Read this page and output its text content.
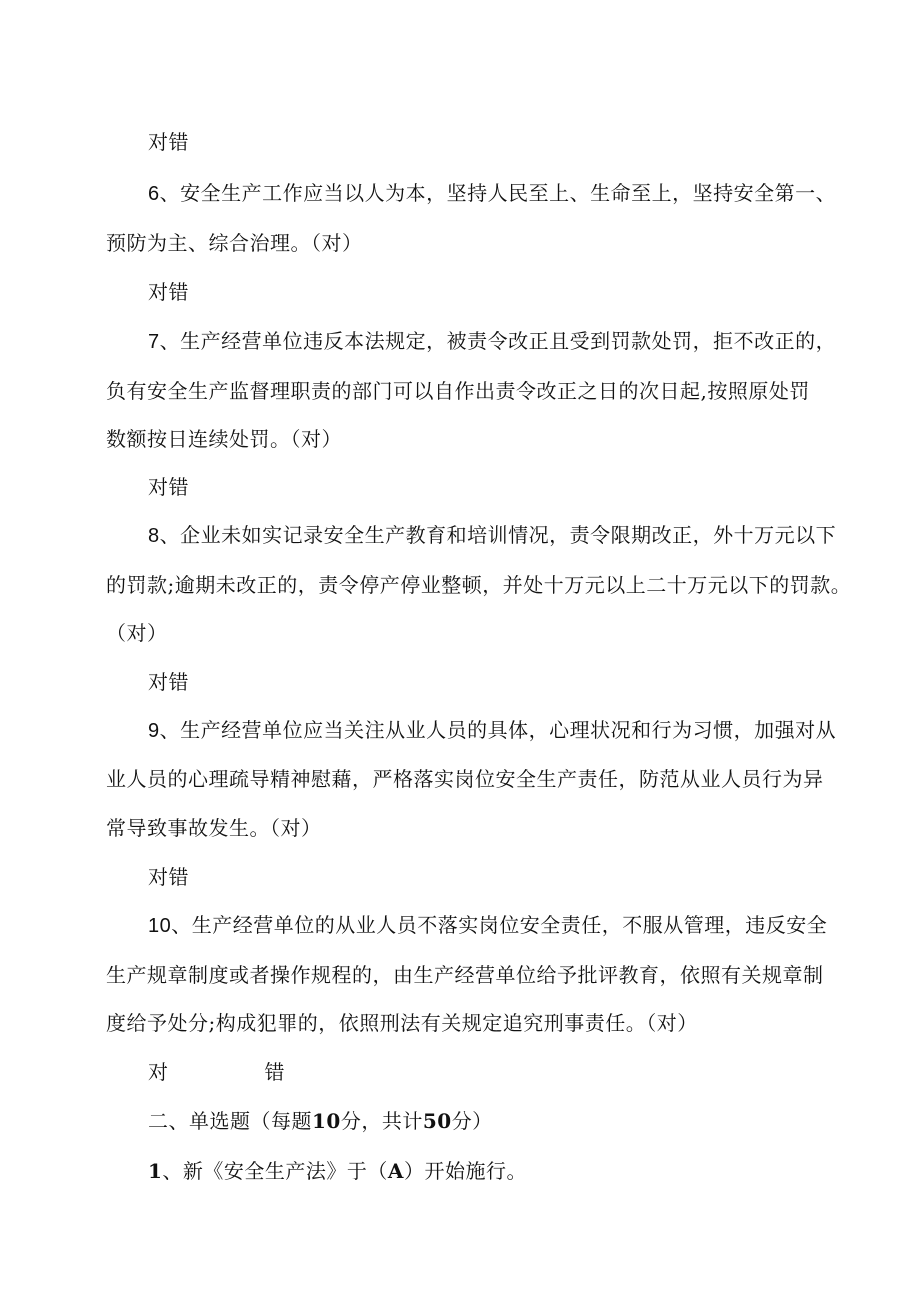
对错
6、安全生产工作应当以人为本，坚持人民至上、生命至上，坚持安全第一、
预防为主、综合治理。（对）
对错
7、生产经营单位违反本法规定，被责令改正且受到罚款处罚，拒不改正的，
负有安全生产监督理职责的部门可以自作出责令改正之日的次日起,按照原处罚
数额按日连续处罚。（对）
对错
8、企业未如实记录安全生产教育和培训情况，责令限期改正，外十万元以下
的罚款;逾期未改正的，责令停产停业整顿，并处十万元以上二十万元以下的罚款。
（对）
对错
9、生产经营单位应当关注从业人员的具体，心理状况和行为习惯，加强对从
业人员的心理疏导精神慰藉，严格落实岗位安全生产责任，防范从业人员行为异
常导致事故发生。（对）
对错
10、生产经营单位的从业人员不落实岗位安全责任，不服从管理，违反安全
生产规章制度或者操作规程的，由生产经营单位给予批评教育，依照有关规章制
度给予处分;构成犯罪的，依照刑法有关规定追究刑事责任。（对）
对	错
二、单选题（每题10分，共计50分）
1、新《安全生产法》于（A）开始施行。
